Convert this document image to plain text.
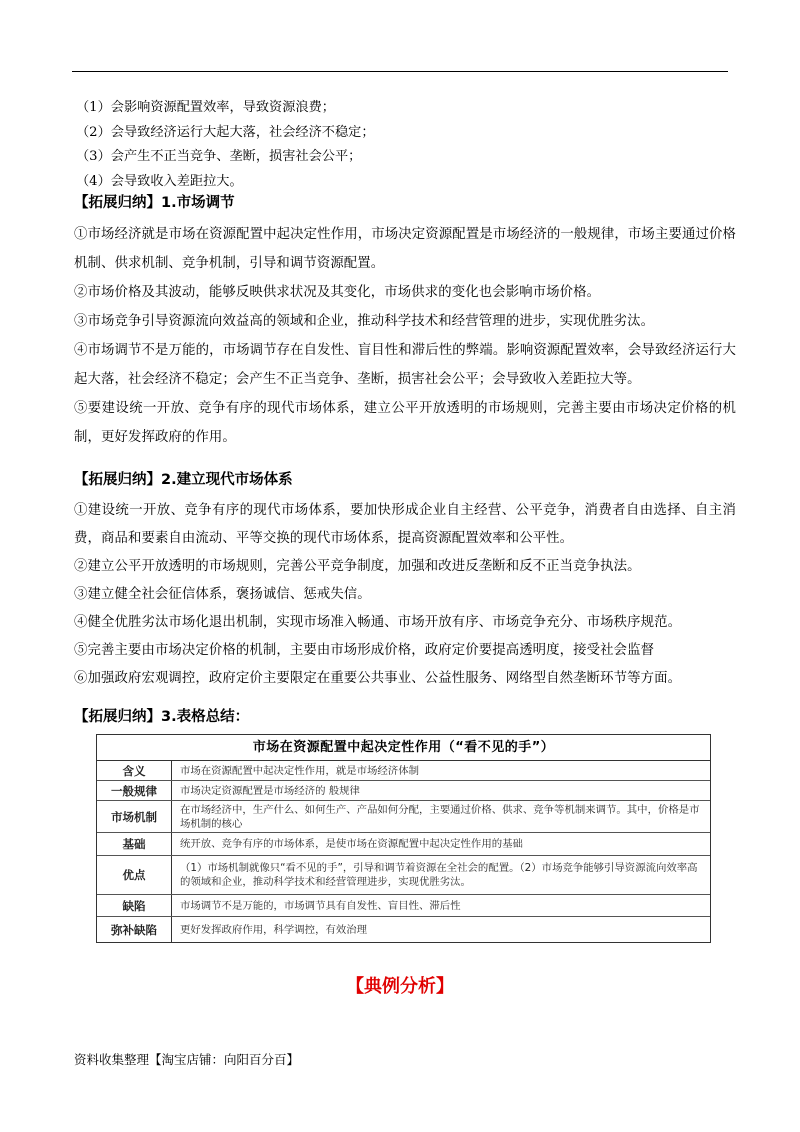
（1）会影响资源配置效率，导致资源浪费；
（2）会导致经济运行大起大落，社会经济不稳定；
（3）会产生不正当竞争、垄断，损害社会公平；
（4）会导致收入差距拉大。
【拓展归纳】1.市场调节
①市场经济就是市场在资源配置中起决定性作用，市场决定资源配置是市场经济的一般规律，市场主要通过价格机制、供求机制、竞争机制，引导和调节资源配置。
②市场价格及其波动，能够反映供求状况及其变化，市场供求的变化也会影响市场价格。
③市场竞争引导资源流向效益高的领域和企业，推动科学技术和经营管理的进步，实现优胜劣汰。
④市场调节不是万能的，市场调节存在自发性、盲目性和滞后性的弊端。影响资源配置效率，会导致经济运行大起大落，社会经济不稳定；会产生不正当竞争、垄断，损害社会公平；会导致收入差距拉大等。
⑤要建设统一开放、竞争有序的现代市场体系，建立公平开放透明的市场规则，完善主要由市场决定价格的机制，更好发挥政府的作用。
【拓展归纳】2.建立现代市场体系
①建设统一开放、竞争有序的现代市场体系，要加快形成企业自主经营、公平竞争，消费者自由选择、自主消费，商品和要素自由流动、平等交换的现代市场体系，提高资源配置效率和公平性。
②建立公平开放透明的市场规则，完善公平竞争制度，加强和改进反垄断和反不正当竞争执法。
③建立健全社会征信体系，褒扬诚信、惩戒失信。
④健全优胜劣汰市场化退出机制，实现市场准入畅通、市场开放有序、市场竞争充分、市场秩序规范。
⑤完善主要由市场决定价格的机制，主要由市场形成价格，政府定价要提高透明度，接受社会监督
⑥加强政府宏观调控，政府定价主要限定在重要公共事业、公益性服务、网络型自然垄断环节等方面。
【拓展归纳】3.表格总结：
市场在资源配置中起决定性作用（“看不见的手”）
含义	市场在资源配置中起决定性作用，就是市场经济体制
一般规律	市场决定资源配置是市场经济的 般规律
市场机制	在市场经济中，生产什么、如何生产、产品如何分配，主要通过价格、供求、竞争等机制来调节。其中，价格是市场机制的核心
基础	统开放、竞争有序的市场体系，是使市场在资源配置中起决定性作用的基础
优点	（1）市场机制就像只“看不见的手”，引导和调节着资源在全社会的配置。（2）市场竞争能够引导资源流向效率高的领域和企业，推动科学技术和经营管理进步，实现优胜劣汰。
缺陷	市场调节不是万能的，市场调节具有自发性、盲目性、滞后性
弥补缺陷	更好发挥政府作用，科学调控，有效治理
【典例分析】
资料收集整理【淘宝店铺：向阳百分百】
